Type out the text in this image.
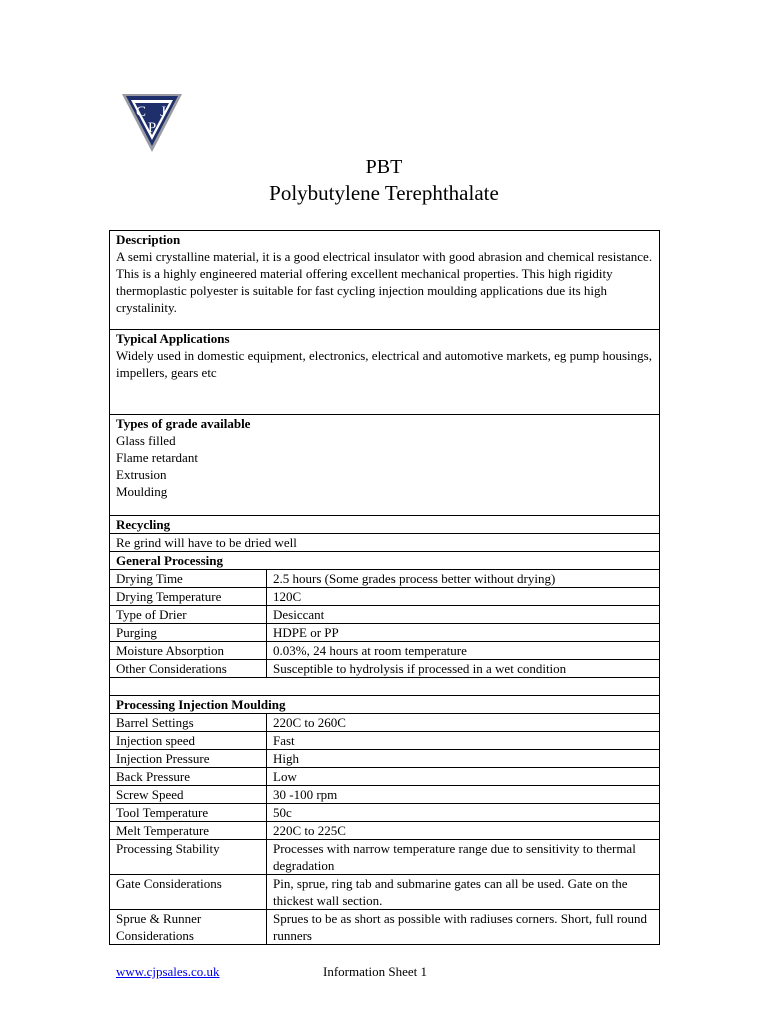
C J
P
PBT
Polybutylene Terephthalate
Description
A semi crystalline material, it is a good electrical insulator with good abrasion and chemical resistance. This is a highly engineered material offering excellent mechanical properties. This high rigidity thermoplastic polyester is suitable for fast cycling injection moulding applications due its high crystalinity.	

Typical Applications
Widely used in domestic equipment, electronics, electrical and automotive markets, eg pump housings, impellers, gears etc	

Types of grade available
Glass filled
Flame retardant
Extrusion
Moulding	

Recycling	
Re grind will have to be dried well	
General Processing	
Drying Time	2.5 hours (Some grades process better without drying)
Drying Temperature	120C
Type of Drier	Desiccant
Purging	HDPE or PP
Moisture Absorption	0.03%, 24 hours at room temperature
Other Considerations	Susceptible to hydrolysis if processed in a wet condition

Processing Injection Moulding	
Barrel Settings	220C to 260C
Injection speed	Fast
Injection Pressure	High
Back Pressure	Low
Screw Speed	30 -100 rpm
Tool Temperature	50c
Melt Temperature	220C to 225C
Processing Stability	Processes with narrow temperature range due to sensitivity to thermal degradation
Gate Considerations	Pin, sprue, ring tab and submarine gates can all be used. Gate on the thickest wall section.
Sprue & Runner Considerations	Sprues to be as short as possible with radiuses corners. Short, full round runners
www.cjpsales.co.uk	Information Sheet 1
